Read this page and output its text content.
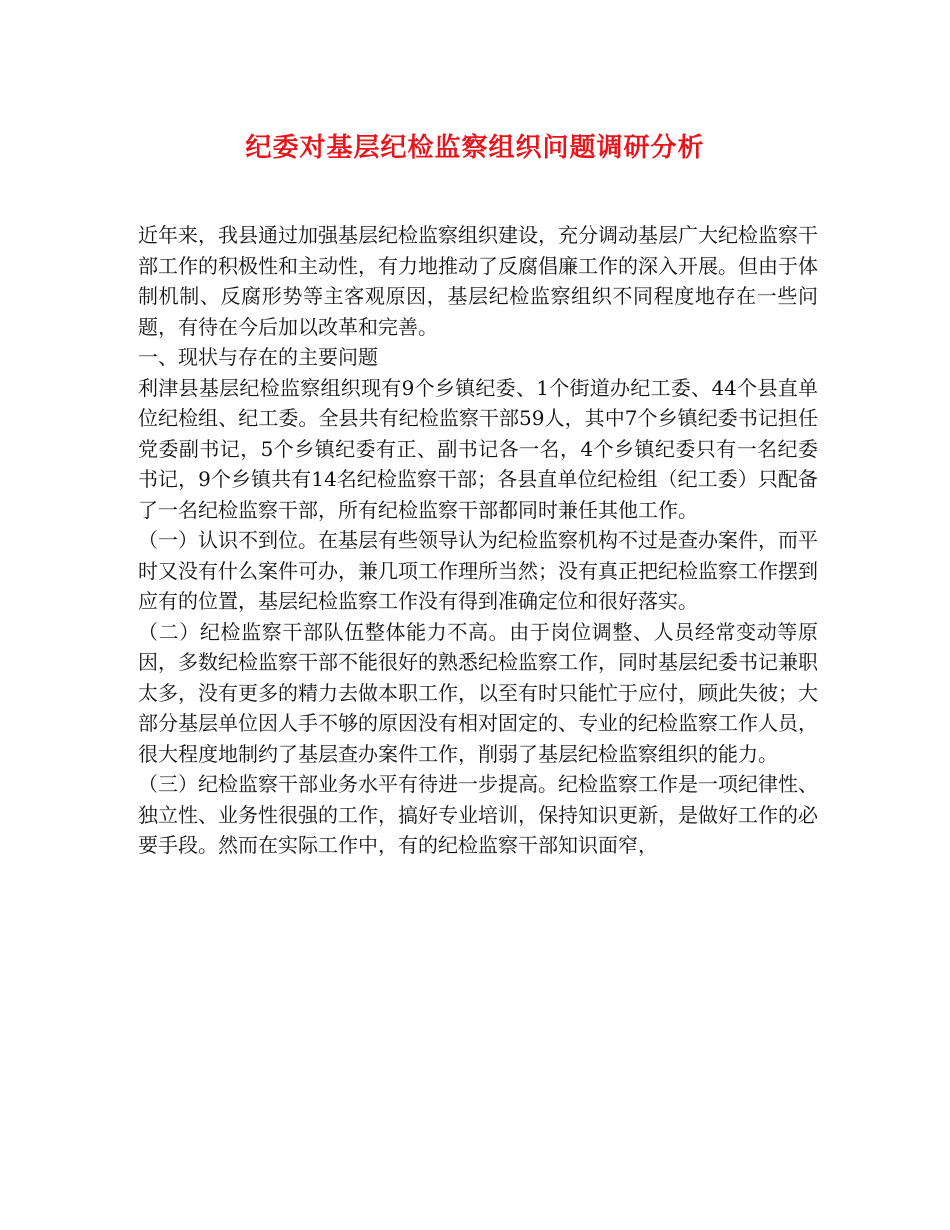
纪委对基层纪检监察组织问题调研分析

近年来，我县通过加强基层纪检监察组织建设，充分调动基层广大纪检监察干部工作的积极性和主动性，有力地推动了反腐倡廉工作的深入开展。但由于体制机制、反腐形势等主客观原因，基层纪检监察组织不同程度地存在一些问题，有待在今后加以改革和完善。

一、现状与存在的主要问题

利津县基层纪检监察组织现有9个乡镇纪委、1个街道办纪工委、44个县直单位纪检组、纪工委。全县共有纪检监察干部59人，其中7个乡镇纪委书记担任党委副书记，5个乡镇纪委有正、副书记各一名，4个乡镇纪委只有一名纪委书记，9个乡镇共有14名纪检监察干部；各县直单位纪检组（纪工委）只配备了一名纪检监察干部，所有纪检监察干部都同时兼任其他工作。

（一）认识不到位。在基层有些领导认为纪检监察机构不过是查办案件，而平时又没有什么案件可办，兼几项工作理所当然；没有真正把纪检监察工作摆到应有的位置，基层纪检监察工作没有得到准确定位和很好落实。

（二）纪检监察干部队伍整体能力不高。由于岗位调整、人员经常变动等原因，多数纪检监察干部不能很好的熟悉纪检监察工作，同时基层纪委书记兼职太多，没有更多的精力去做本职工作，以至有时只能忙于应付，顾此失彼；大部分基层单位因人手不够的原因没有相对固定的、专业的纪检监察工作人员，很大程度地制约了基层查办案件工作，削弱了基层纪检监察组织的能力。

（三）纪检监察干部业务水平有待进一步提高。纪检监察工作是一项纪律性、独立性、业务性很强的工作，搞好专业培训，保持知识更新，是做好工作的必要手段。然而在实际工作中，有的纪检监察干部知识面窄，
